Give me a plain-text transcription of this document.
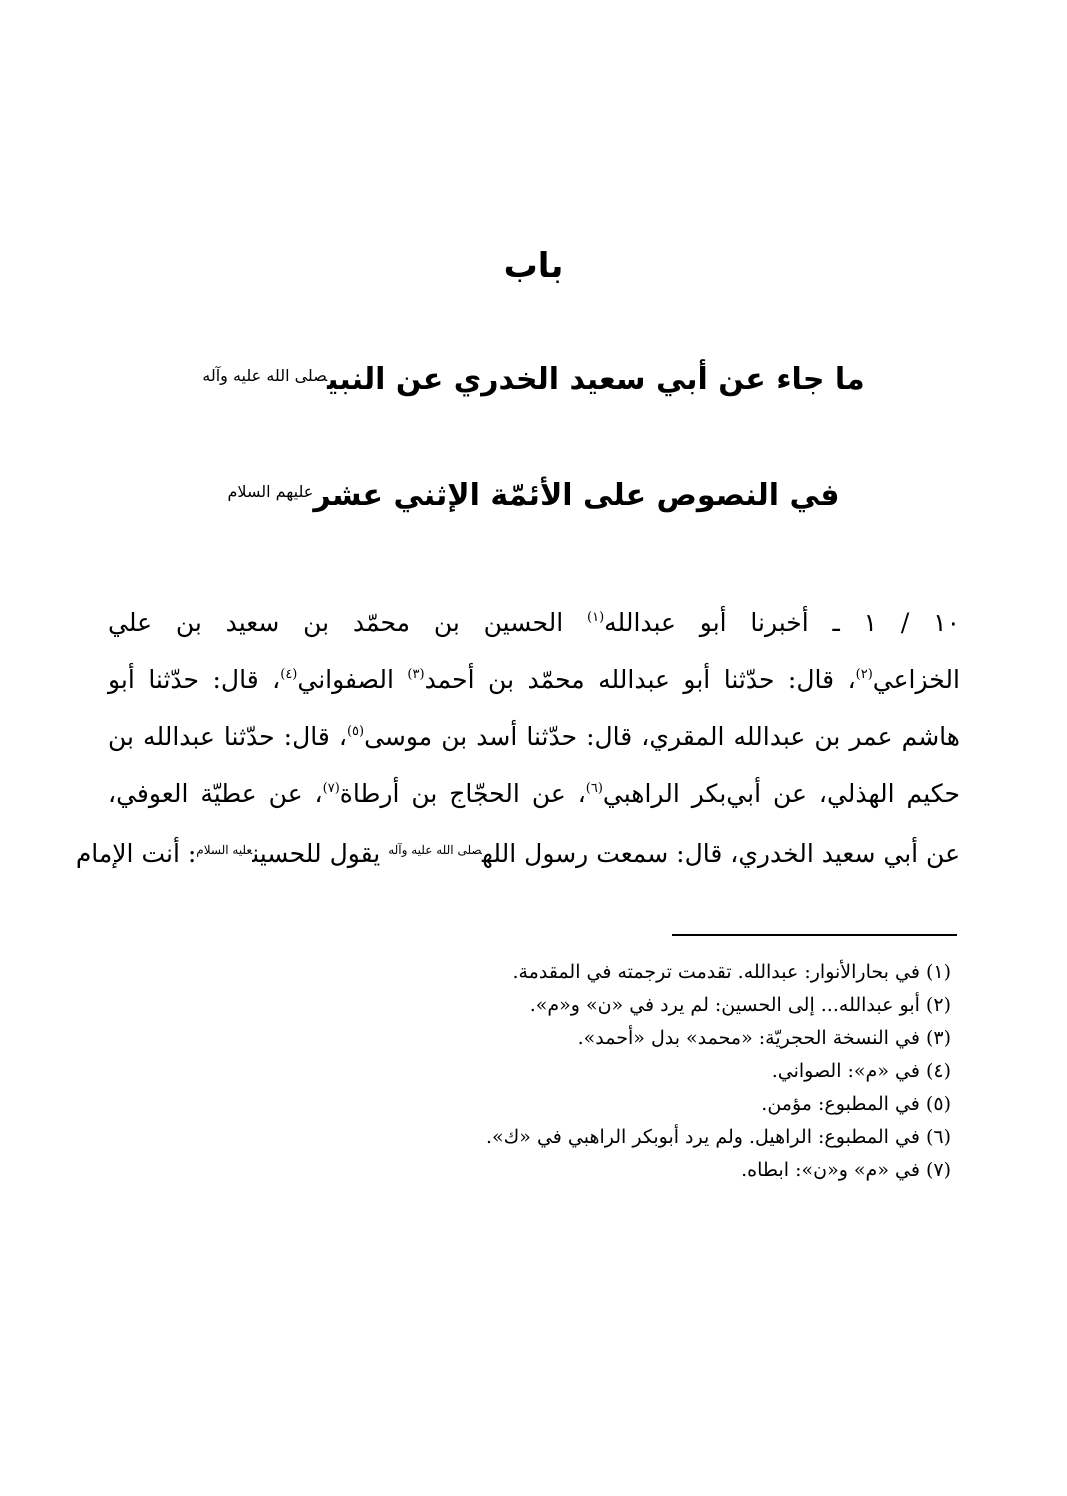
باب
ما جاء عن أبي سعيد الخدري عن النبي$^{صلى الله عليه وآله}$
في النصوص على الأئمّة الإثني عشر$^{عليهم السلام}$
١٠ / ١ ـ أخبرنا أبو عبدالله$^{(١)}$ الحسين بن محمّد بن سعيد بن علي
الخزاعي$^{(٢)}$، قال: حدّثنا أبو عبدالله محمّد بن أحمد$^{(٣)}$ الصفواني$^{(٤)}$، قال: حدّثنا أبو
هاشم عمر بن عبدالله المقري، قال: حدّثنا أسد بن موسى$^{(٥)}$، قال: حدّثنا عبدالله بن
حكيم الهذلي، عن أبي‌بكر الراهبي$^{(٦)}$، عن الحجّاج بن أرطاة$^{(٧)}$، عن عطيّة العوفي،
عن أبي سعيد الخدري، قال: سمعت رسول الله$^{صلى الله عليه وآله}$ يقول للحسين$^{عليه السلام}$: أنت الإمام
(١) في بحارالأنوار: عبدالله. تقدمت ترجمته في المقدمة.
(٢) أبو عبدالله... إلى الحسين: لم يرد في «ن» و«م».
(٣) في النسخة الحجريّة: «محمد» بدل «أحمد».
(٤) في «م»: الصواني.
(٥) في المطبوع: مؤمن.
(٦) في المطبوع: الراهيل. ولم يرد أبوبكر الراهبي في «ك».
(٧) في «م» و«ن»: ابطاه.
